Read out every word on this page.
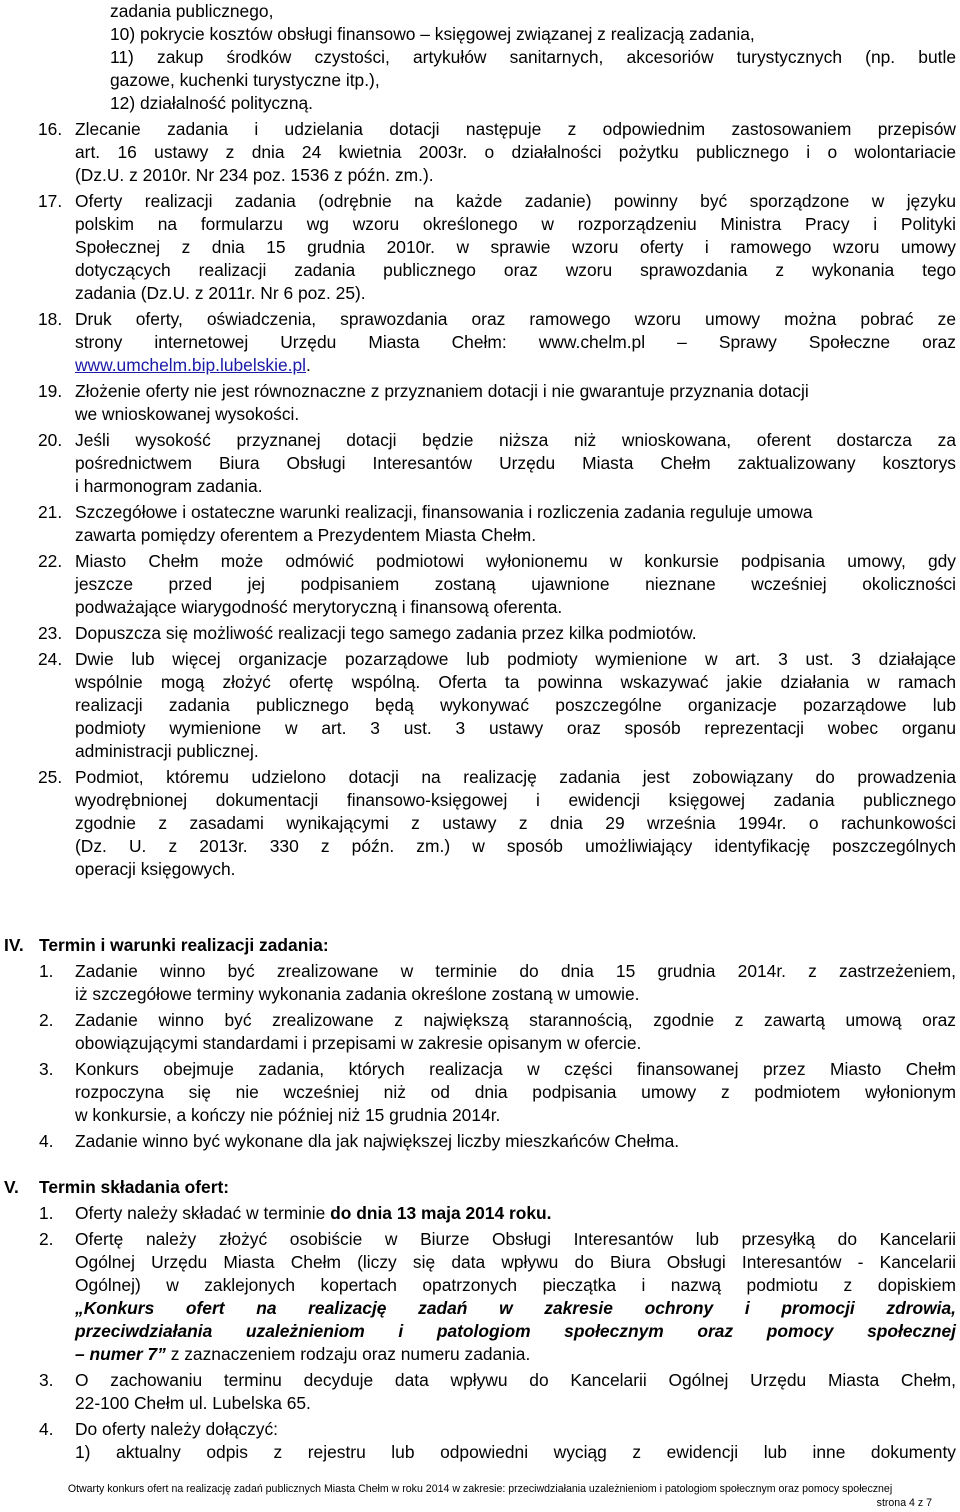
zadania publicznego,
10) pokrycie kosztów obsługi finansowo – księgowej związanej z realizacją zadania,
11) zakup środków czystości, artykułów sanitarnych, akcesoriów turystycznych (np. butle
gazowe, kuchenki turystyczne itp.),
12) działalność polityczną.
16. Zlecanie zadania i udzielania dotacji następuje z odpowiednim zastosowaniem przepisów
art. 16 ustawy z dnia 24 kwietnia 2003r. o działalności pożytku publicznego i o wolontariacie
(Dz.U. z 2010r. Nr 234 poz. 1536 z późn. zm.).
17. Oferty realizacji zadania (odrębnie na każde zadanie) powinny być sporządzone w języku
polskim na formularzu wg wzoru określonego w rozporządzeniu Ministra Pracy i Polityki
Społecznej z dnia 15 grudnia 2010r. w sprawie wzoru oferty i ramowego wzoru umowy
dotyczących realizacji zadania publicznego oraz wzoru sprawozdania z wykonania tego
zadania (Dz.U. z 2011r. Nr 6 poz. 25).
18. Druk oferty, oświadczenia, sprawozdania oraz ramowego wzoru umowy można pobrać ze
strony internetowej Urzędu Miasta Chełm: www.chelm.pl – Sprawy Społeczne oraz
www.umchelm.bip.lubelskie.pl.
19. Złożenie oferty nie jest równoznaczne z przyznaniem dotacji i nie gwarantuje przyznania dotacji
we wnioskowanej wysokości.
20. Jeśli wysokość przyznanej dotacji będzie niższa niż wnioskowana, oferent dostarcza za
pośrednictwem Biura Obsługi Interesantów Urzędu Miasta Chełm zaktualizowany kosztorys
i harmonogram zadania.
21. Szczegółowe i ostateczne warunki realizacji, finansowania i rozliczenia zadania reguluje umowa
zawarta pomiędzy oferentem a Prezydentem Miasta Chełm.
22. Miasto Chełm może odmówić podmiotowi wyłonionemu w konkursie podpisania umowy, gdy
jeszcze przed jej podpisaniem zostaną ujawnione nieznane wcześniej okoliczności
podważające wiarygodność merytoryczną i finansową oferenta.
23. Dopuszcza się możliwość realizacji tego samego zadania przez kilka podmiotów.
24. Dwie lub więcej organizacje pozarządowe lub podmioty wymienione w art. 3 ust. 3 działające
wspólnie mogą złożyć ofertę wspólną. Oferta ta powinna wskazywać jakie działania w ramach
realizacji zadania publicznego będą wykonywać poszczególne organizacje pozarządowe lub
podmioty wymienione w art. 3 ust. 3 ustawy oraz sposób reprezentacji wobec organu
administracji publicznej.
25. Podmiot, któremu udzielono dotacji na realizację zadania jest zobowiązany do prowadzenia
wyodrębnionej dokumentacji finansowo-księgowej i ewidencji księgowej zadania publicznego
zgodnie z zasadami wynikającymi z ustawy z dnia 29 września 1994r. o rachunkowości
(Dz. U. z 2013r. 330 z późn. zm.) w sposób umożliwiający identyfikację poszczególnych
operacji księgowych.
IV. Termin i warunki realizacji zadania:
1. Zadanie winno być zrealizowane w terminie do dnia 15 grudnia 2014r. z zastrzeżeniem,
iż szczegółowe terminy wykonania zadania określone zostaną w umowie.
2. Zadanie winno być zrealizowane z największą starannością, zgodnie z zawartą umową oraz
obowiązującymi standardami i przepisami w zakresie opisanym w ofercie.
3. Konkurs obejmuje zadania, których realizacja w części finansowanej przez Miasto Chełm
rozpoczyna się nie wcześniej niż od dnia podpisania umowy z podmiotem wyłonionym
w konkursie, a kończy nie później niż 15 grudnia 2014r.
4. Zadanie winno być wykonane dla jak największej liczby mieszkańców Chełma.
V. Termin składania ofert:
1. Oferty należy składać w terminie do dnia 13 maja 2014 roku.
2. Ofertę należy złożyć osobiście w Biurze Obsługi Interesantów lub przesyłką do Kancelarii
Ogólnej Urzędu Miasta Chełm (liczy się data wpływu do Biura Obsługi Interesantów - Kancelarii
Ogólnej) w zaklejonych kopertach opatrzonych pieczątka i nazwą podmiotu z dopiskiem
„Konkurs ofert na realizację zadań w zakresie ochrony i promocji zdrowia,
przeciwdziałania uzależnieniom i patologiom społecznym oraz pomocy społecznej
– numer 7” z zaznaczeniem rodzaju oraz numeru zadania.
3. O zachowaniu terminu decyduje data wpływu do Kancelarii Ogólnej Urzędu Miasta Chełm,
22-100 Chełm ul. Lubelska 65.
4. Do oferty należy dołączyć:
1) aktualny odpis z rejestru lub odpowiedni wyciąg z ewidencji lub inne dokumenty
Otwarty konkurs ofert na realizację zadań publicznych Miasta Chełm w roku 2014 w zakresie: przeciwdziałania uzależnieniom i patologiom społecznym oraz pomocy społecznej
strona 4 z 7
